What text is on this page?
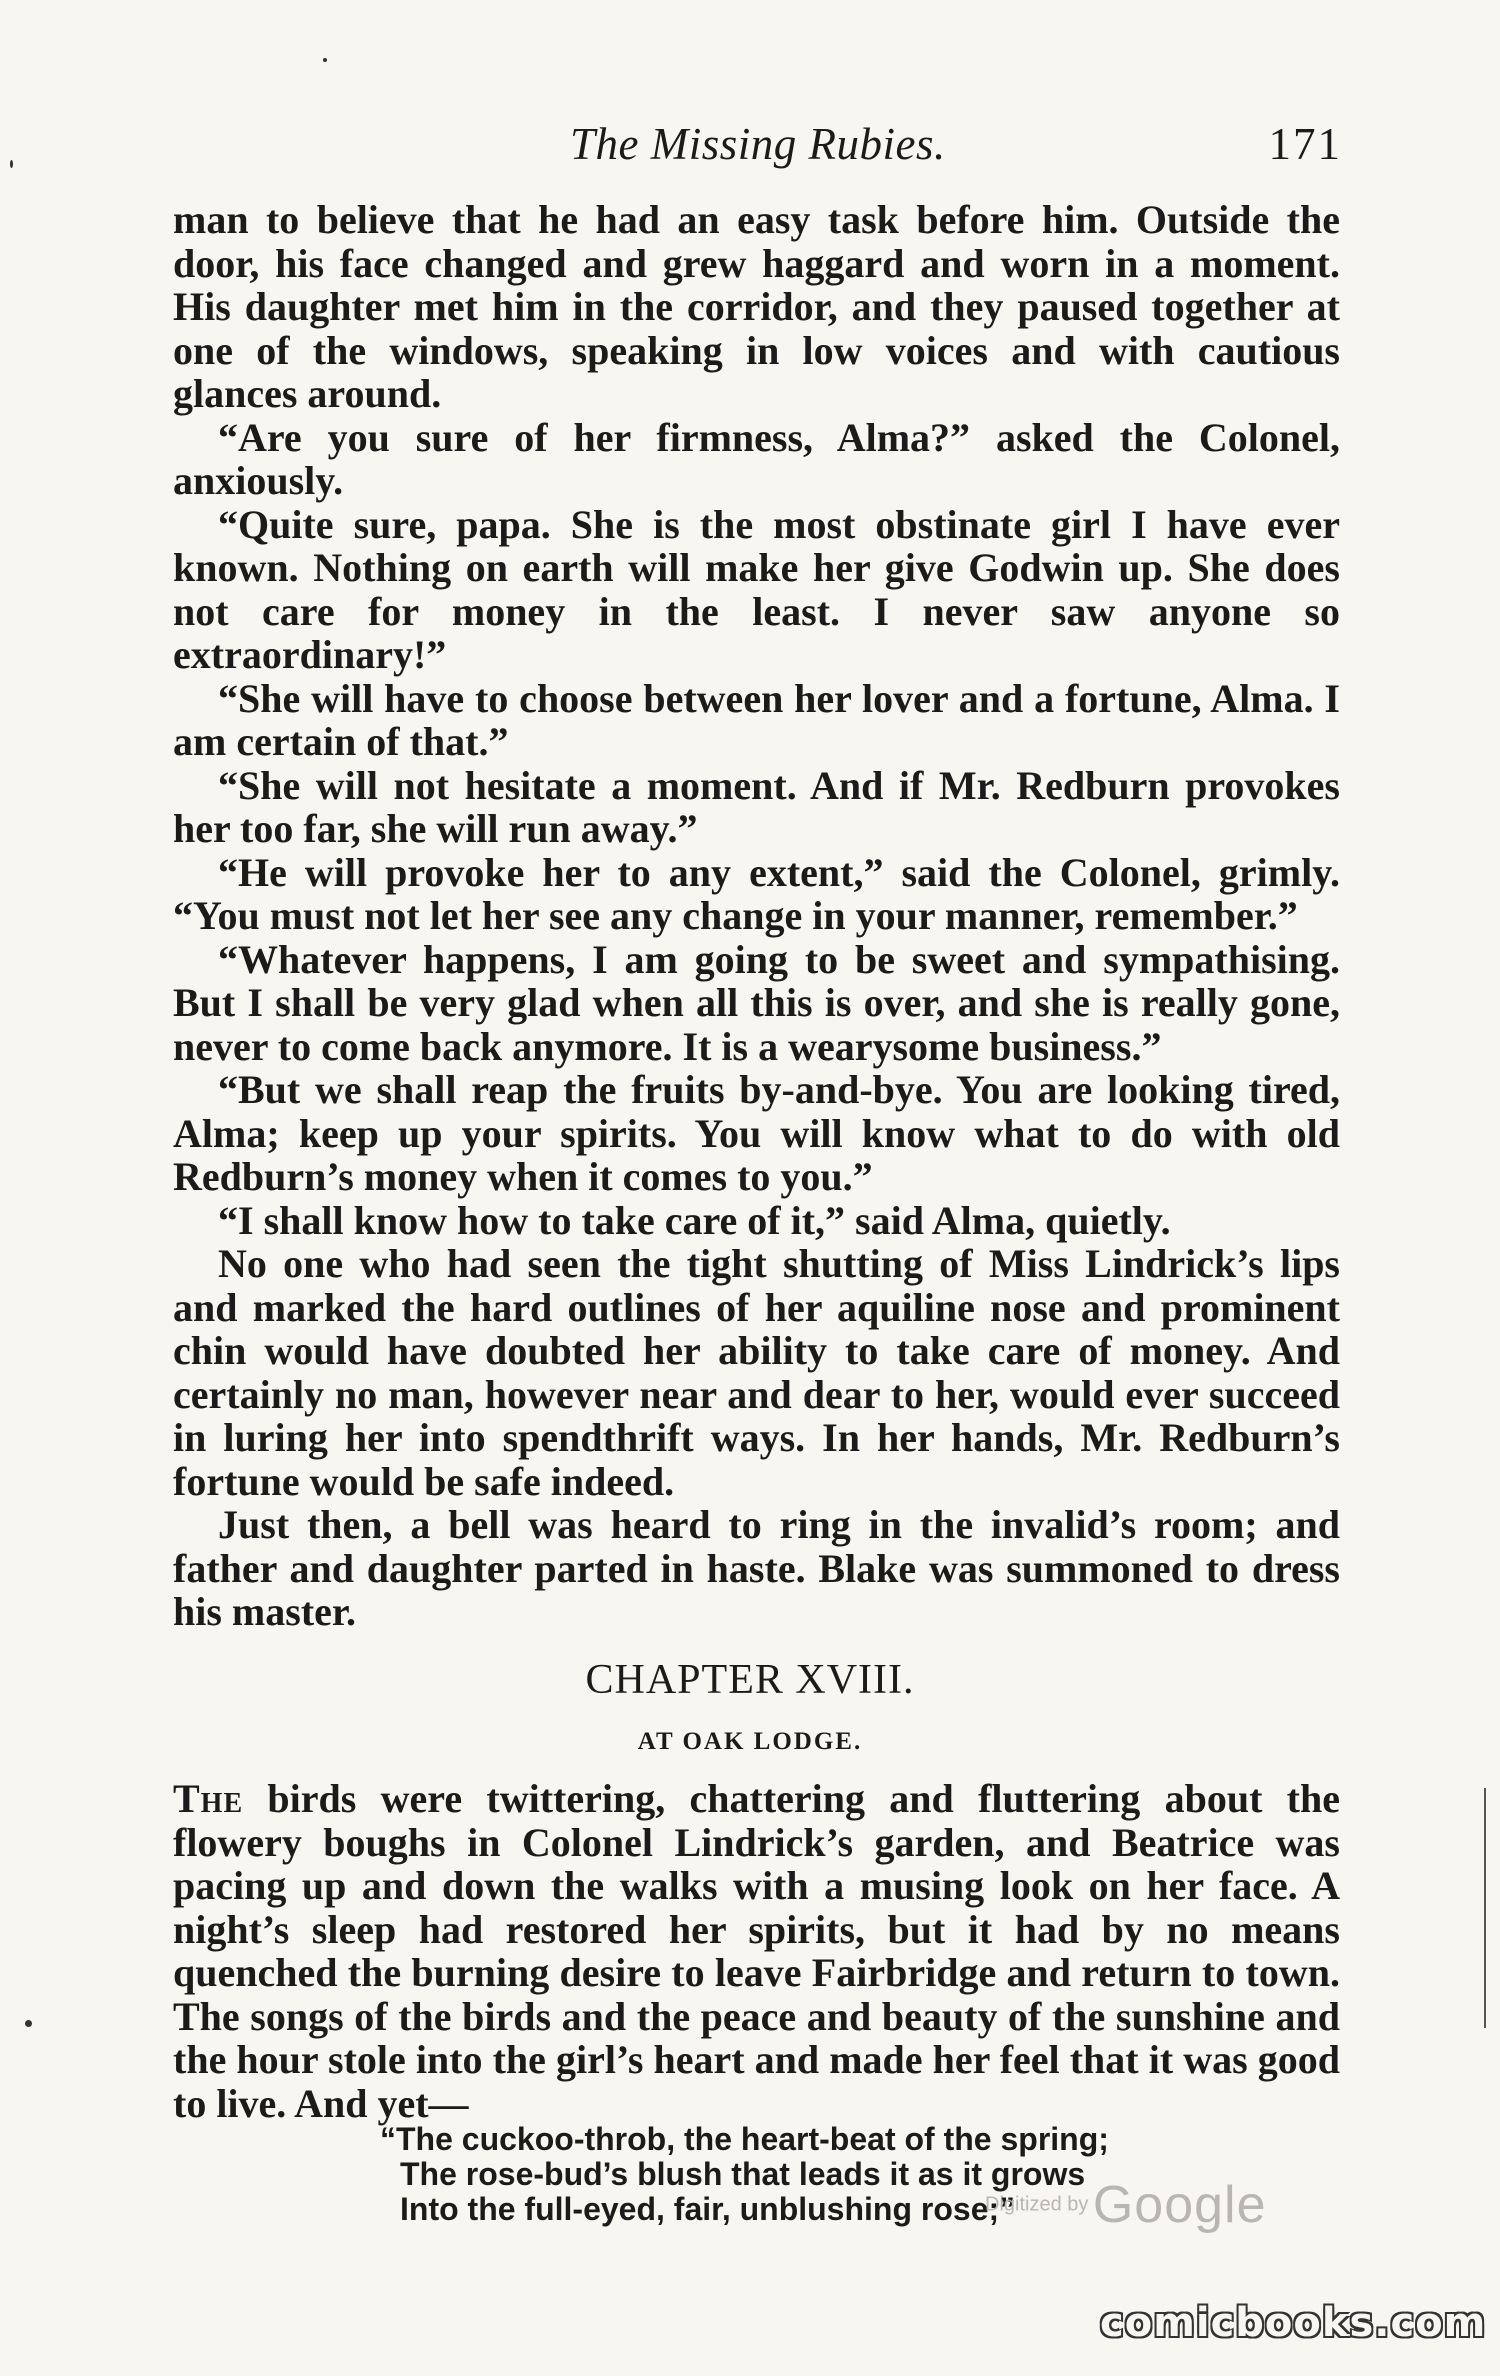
The Missing Rubies.	171

man to believe that he had an easy task before him. Outside the door, his face changed and grew haggard and worn in a moment. His daughter met him in the corridor, and they paused together at one of the windows, speaking in low voices and with cautious glances around.

“Are you sure of her firmness, Alma?” asked the Colonel, anxiously.

“Quite sure, papa. She is the most obstinate girl I have ever known. Nothing on earth will make her give Godwin up. She does not care for money in the least. I never saw anyone so extraordinary!”

“She will have to choose between her lover and a fortune, Alma. I am certain of that.”

“She will not hesitate a moment. And if Mr. Redburn provokes her too far, she will run away.”

“He will provoke her to any extent,” said the Colonel, grimly. “You must not let her see any change in your manner, remember.”

“Whatever happens, I am going to be sweet and sympathising. But I shall be very glad when all this is over, and she is really gone, never to come back anymore. It is a wearysome business.”

“But we shall reap the fruits by-and-bye. You are looking tired, Alma; keep up your spirits. You will know what to do with old Redburn’s money when it comes to you.”

“I shall know how to take care of it,” said Alma, quietly.

No one who had seen the tight shutting of Miss Lindrick’s lips and marked the hard outlines of her aquiline nose and prominent chin would have doubted her ability to take care of money. And certainly no man, however near and dear to her, would ever succeed in luring her into spendthrift ways. In her hands, Mr. Redburn’s fortune would be safe indeed.

Just then, a bell was heard to ring in the invalid’s room; and father and daughter parted in haste. Blake was summoned to dress his master.

CHAPTER XVIII.
AT OAK LODGE.

The birds were twittering, chattering and fluttering about the flowery boughs in Colonel Lindrick’s garden, and Beatrice was pacing up and down the walks with a musing look on her face. A night’s sleep had restored her spirits, but it had by no means quenched the burning desire to leave Fairbridge and return to town. The songs of the birds and the peace and beauty of the sunshine and the hour stole into the girl’s heart and made her feel that it was good to live. And yet—

“The cuckoo-throb, the heart-beat of the spring;
The rose-bud’s blush that leads it as it grows
Into the full-eyed, fair, unblushing rose;”
Digitized by Google
comicbooks.com
